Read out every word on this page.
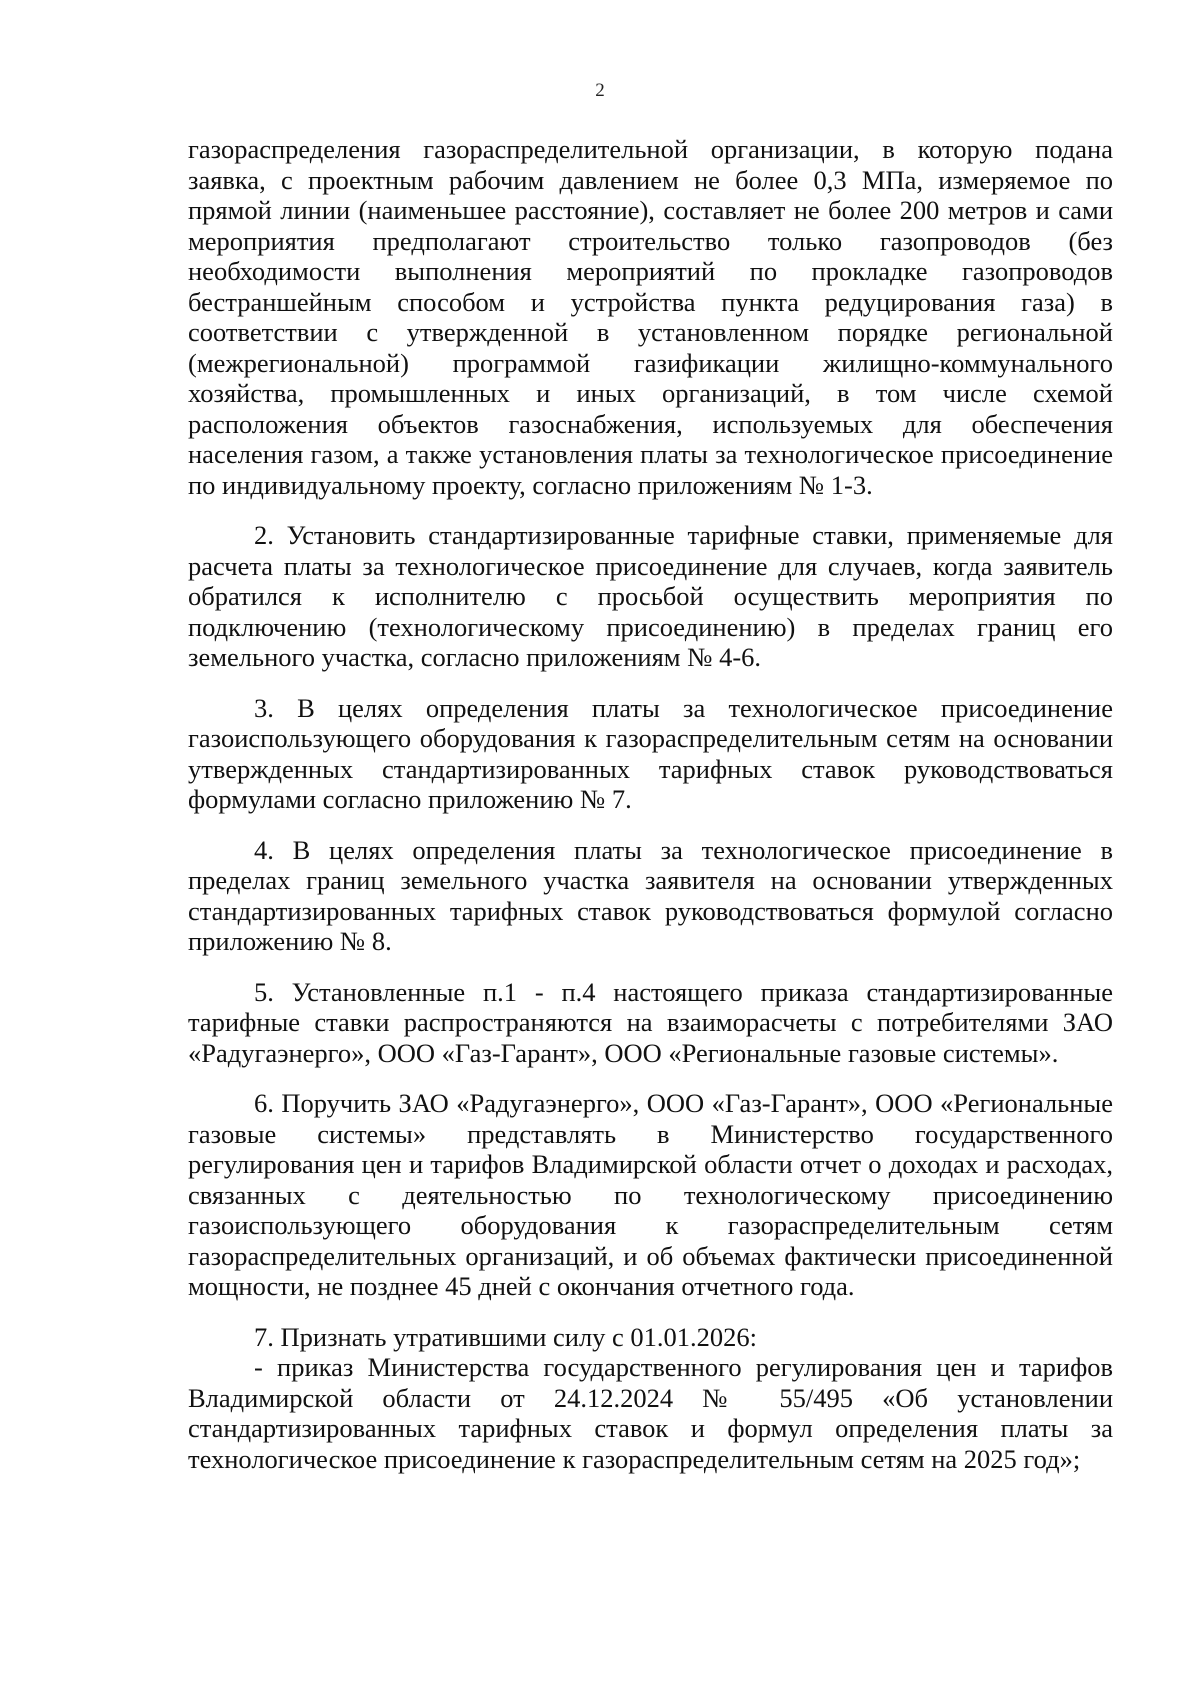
2

газораспределения газораспределительной организации, в которую подана заявка, с проектным рабочим давлением не более 0,3 МПа, измеряемое по прямой линии (наименьшее расстояние), составляет не более 200 метров и сами мероприятия предполагают строительство только газопроводов (без необходимости выполнения мероприятий по прокладке газопроводов бестраншейным способом и устройства пункта редуцирования газа) в соответствии с утвержденной в установленном порядке региональной (межрегиональной) программой газификации жилищно-коммунального хозяйства, промышленных и иных организаций, в том числе схемой расположения объектов газоснабжения, используемых для обеспечения населения газом, а также установления платы за технологическое присоединение по индивидуальному проекту, согласно приложениям № 1-3.

2. Установить стандартизированные тарифные ставки, применяемые для расчета платы за технологическое присоединение для случаев, когда заявитель обратился к исполнителю с просьбой осуществить мероприятия по подключению (технологическому присоединению) в пределах границ его земельного участка, согласно приложениям № 4-6.

3. В целях определения платы за технологическое присоединение газоиспользующего оборудования к газораспределительным сетям на основании утвержденных стандартизированных тарифных ставок руководствоваться формулами согласно приложению № 7.

4. В целях определения платы за технологическое присоединение в пределах границ земельного участка заявителя на основании утвержденных стандартизированных тарифных ставок руководствоваться формулой согласно приложению № 8.

5. Установленные п.1 - п.4 настоящего приказа стандартизированные тарифные ставки распространяются на взаиморасчеты с потребителями ЗАО «Радугаэнерго», ООО «Газ-Гарант», ООО «Региональные газовые системы».

6. Поручить ЗАО «Радугаэнерго», ООО «Газ-Гарант», ООО «Региональные газовые системы» представлять в Министерство государственного регулирования цен и тарифов Владимирской области отчет о доходах и расходах, связанных с деятельностью по технологическому присоединению газоиспользующего оборудования к газораспределительным сетям газораспределительных организаций, и об объемах фактически присоединенной мощности, не позднее 45 дней с окончания отчетного года.

7. Признать утратившими силу с 01.01.2026:

- приказ Министерства государственного регулирования цен и тарифов Владимирской области от 24.12.2024 № 55/495 «Об установлении стандартизированных тарифных ставок и формул определения платы за технологическое присоединение к газораспределительным сетям на 2025 год»;
